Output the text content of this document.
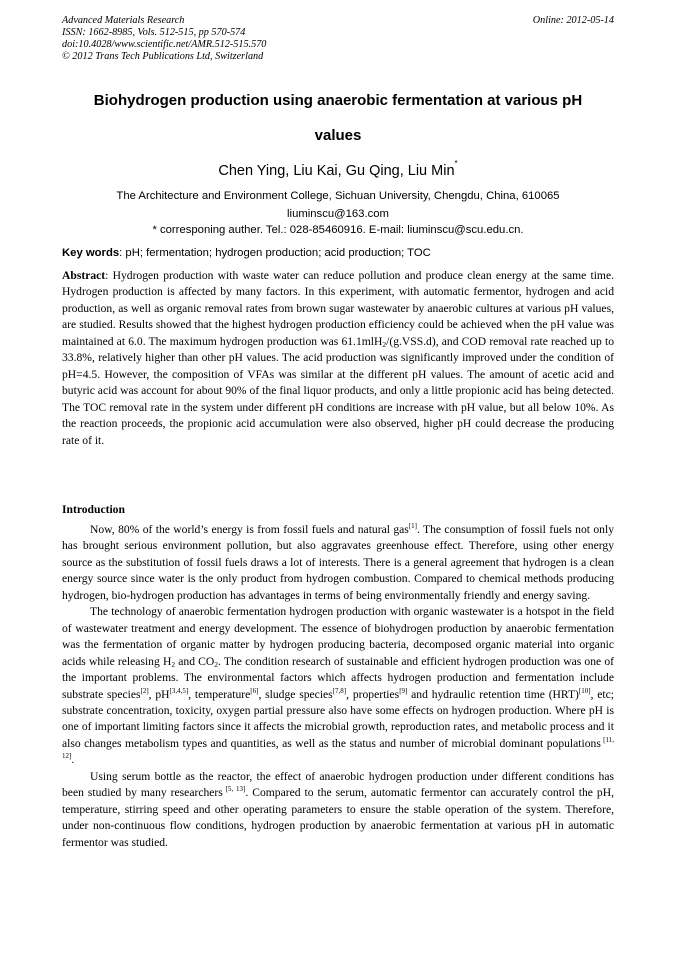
Advanced Materials Research
ISSN: 1662-8985, Vols. 512-515, pp 570-574
doi:10.4028/www.scientific.net/AMR.512-515.570
© 2012 Trans Tech Publications Ltd, Switzerland
Online: 2012-05-14
Biohydrogen production using anaerobic fermentation at various pH
values
Chen Ying, Liu Kai, Gu Qing, Liu Min*
The Architecture and Environment College, Sichuan University, Chengdu, China, 610065
liuminscu@163.com
* corresponing auther. Tel.: 028-85460916. E-mail: liuminscu@scu.edu.cn.
Key words: pH; fermentation; hydrogen production; acid production; TOC
Abstract: Hydrogen production with waste water can reduce pollution and produce clean energy at the same time. Hydrogen production is affected by many factors. In this experiment, with automatic fermentor, hydrogen and acid production, as well as organic removal rates from brown sugar wastewater by anaerobic cultures at various pH values, are studied. Results showed that the highest hydrogen production efficiency could be achieved when the pH value was maintained at 6.0. The maximum hydrogen production was 61.1mlH$_2$/(g.VSS.d), and COD removal rate reached up to 33.8%, relatively higher than other pH values. The acid production was significantly improved under the condition of pH=4.5. However, the composition of VFAs was similar at the different pH values. The amount of acetic acid and butyric acid was account for about 90% of the final liquor products, and only a little propionic acid has being detected. The TOC removal rate in the system under different pH conditions are increase with pH value, but all below 10%. As the reaction proceeds, the propionic acid accumulation were also observed, higher pH could decrease the producing rate of it.
Introduction

Now, 80% of the world’s energy is from fossil fuels and natural gas[1]. The consumption of fossil fuels not only has brought serious environment pollution, but also aggravates greenhouse effect. Therefore, using other energy source as the substitution of fossil fuels draws a lot of interests. There is a general agreement that hydrogen is a clean energy source since water is the only product from hydrogen combustion. Compared to chemical methods producing hydrogen, bio-hydrogen production has advantages in terms of being environmentally friendly and energy saving.

The technology of anaerobic fermentation hydrogen production with organic wastewater is a hotspot in the field of wastewater treatment and energy development. The essence of biohydrogen production by anaerobic fermentation was the fermentation of organic matter by hydrogen producing bacteria, decomposed organic material into organic acids while releasing $H_2$ and $CO_2$. The condition research of sustainable and efficient hydrogen production was one of the important problems. The environmental factors which affects hydrogen production and fermentation include substrate species[2], pH[3,4,5], temperature[6], sludge species[7,8], properties[9] and hydraulic retention time (HRT)[10], etc; substrate concentration, toxicity, oxygen partial pressure also have some effects on hydrogen production. Where pH is one of important limiting factors since it affects the microbial growth, reproduction rates, and metabolic process and it also changes metabolism types and quantities, as well as the status and number of microbial dominant populations [11, 12].

Using serum bottle as the reactor, the effect of anaerobic hydrogen production under different conditions has been studied by many researchers [5, 13]. Compared to the serum, automatic fermentor can accurately control the pH, temperature, stirring speed and other operating parameters to ensure the stable operation of the system. Therefore, under non-continuous flow conditions, hydrogen production by anaerobic fermentation at various pH in automatic fermentor was studied.
